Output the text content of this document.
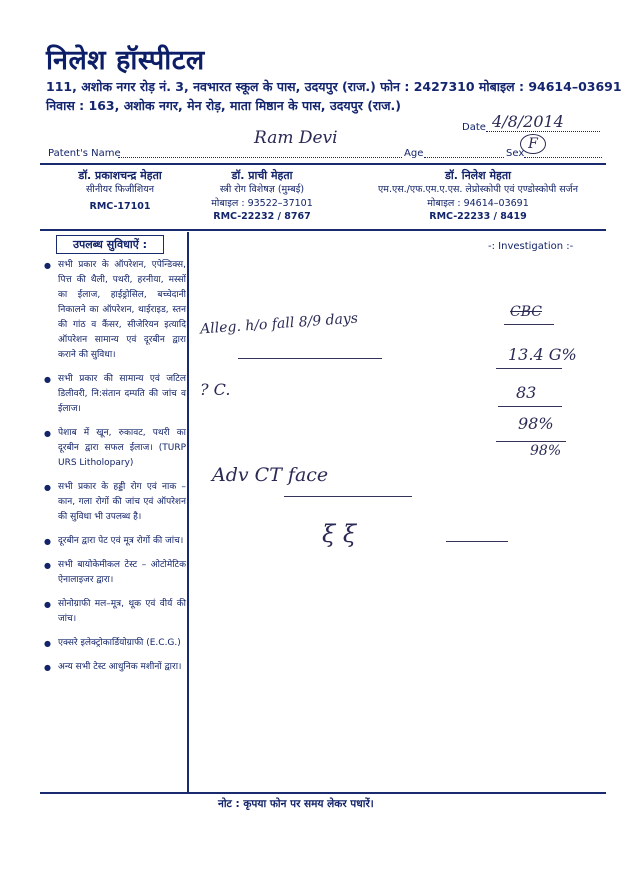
निलेश हॉस्पीटल
111, अशोक नगर रोड़ नं. 3, नवभारत स्कूल के पास, उदयपुर (राज.) फोन : 2427310 मोबाइल : 94614–03691
निवास : 163, अशोक नगर, मेन रोड़, माता मिष्ठान के पास, उदयपुर (राज.)
Date 4/8/2014
Patent's Name
Ram Devi
Age	Sex
F
डॉ. प्रकाशचन्द्र मेहता
सीनीयर फिजीशियन
RMC-17101
डॉ. प्राची मेहता
स्त्री रोग विशेषज्ञ (मुम्बई)
मोबाइल : 93522–37101
RMC-22232 / 8767
डॉ. निलेश मेहता
एम.एस./एफ.एम.ए.एस. लेप्रोस्कोपी एवं एण्डोस्कोपी सर्जन
मोबाइल : 94614–03691
RMC-22233 / 8419
उपलब्ध सुविधाऐं :
● सभी प्रकार के ऑपरेशन, एपेन्डिक्स, पित्त की थैली, पथरी, हरनीया, मस्सों का ईलाज, हाईड्रोसिल, बच्चेदानी निकालने का ऑपरेशन, थाईराइड, स्तन की गांठ व कैंसर, सीजेरियन इत्यादि ऑपरेशन सामान्य एवं दूरबीन द्वारा कराने की सुविधा।
● सभी प्रकार की सामान्य एवं जटिल डिलीवरी, नि:संतान दम्पति की जांच व ईलाज।
● पेशाब में खून, रुकावट, पथरी का दूरबीन द्वारा सफल ईलाज। (TURP URS Litholopary)
● सभी प्रकार के हड्डी रोग एवं नाक – कान, गला रोगों की जांच एवं ऑपरेशन की सुविधा भी उपलब्ध है।
● दूरबीन द्वारा पेट एवं मूत्र रोगों की जांच।
● सभी बायोकेमीकल टेस्ट – ओटोमेटिक ऐनालाइजर द्वारा।
● सोनोग्राफी मल–मूत्र, थूक एवं वीर्य की जांच।
● एक्सरे इलेक्ट्रोकार्डियोग्राफी (E.C.G.)
● अन्य सभी टेस्ट आधुनिक मशीनों द्वारा।
-: Investigation :-
Alleg. h/o fall 8/9 days
? C.
Adv CT face
ξ ξ
CBC
13.4 G%
83
98%
98%
नोट : कृपया फोन पर समय लेकर पधारें।
